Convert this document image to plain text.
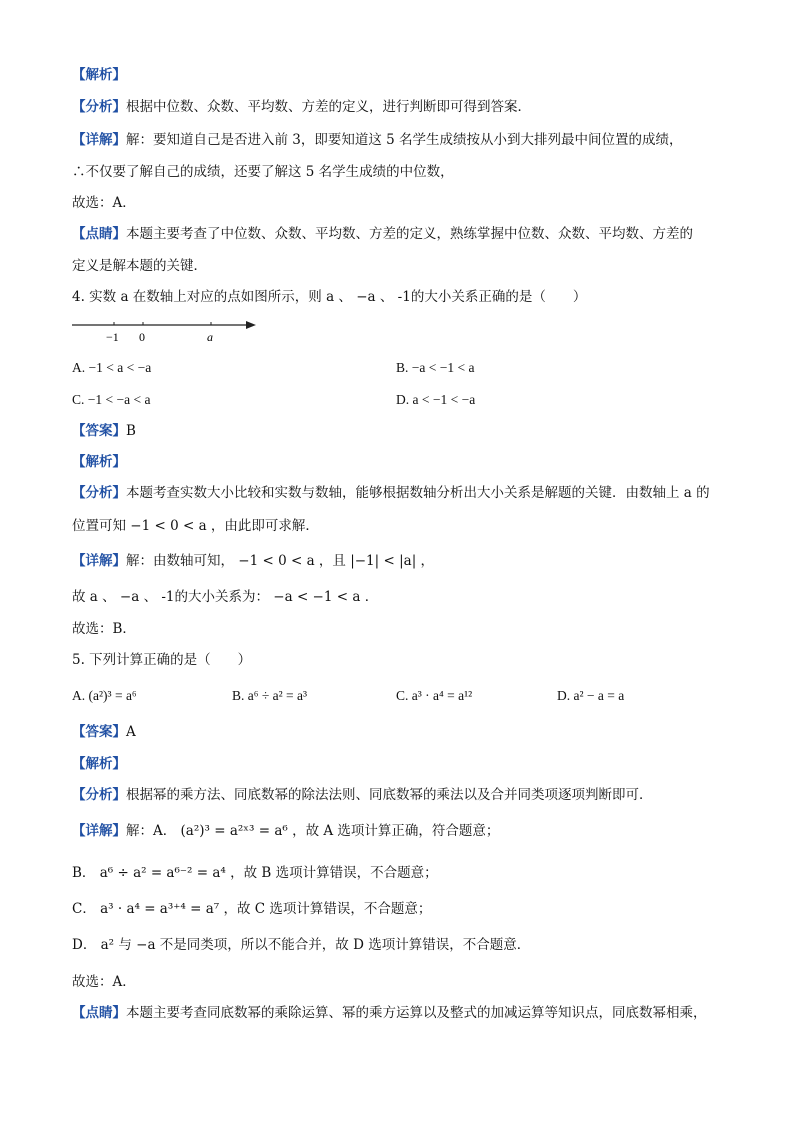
【解析】
【分析】根据中位数、众数、平均数、方差的定义，进行判断即可得到答案．
【详解】解：要知道自己是否进入前 3，即要知道这 5 名学生成绩按从小到大排列最中间位置的成绩，
∴不仅要了解自己的成绩，还要了解这 5 名学生成绩的中位数，
故选：A．
【点睛】本题主要考查了中位数、众数、平均数、方差的定义，熟练掌握中位数、众数、平均数、方差的
定义是解本题的关键．
4. 实数 a 在数轴上对应的点如图所示，则 a 、 −a 、 -1的大小关系正确的是（　　）
−1 0	a
A. −1 < a < −a	B. −a < −1 < a
C. −1 < −a < a	D. a < −1 < −a
【答案】B
【解析】
【分析】本题考查实数大小比较和实数与数轴，能够根据数轴分析出大小关系是解题的关键．由数轴上 a 的
位置可知 −1 < 0 < a ，由此即可求解．
【详解】解：由数轴可知， −1 < 0 < a ，且 |−1| < |a| ，
故 a 、 −a 、 -1的大小关系为： −a < −1 < a ．
故选：B．
5. 下列计算正确的是（　　）
A. (a²)³ = a⁶	B. a⁶ ÷ a² = a³	C. a³ · a⁴ = a¹²	D. a² − a = a
【答案】A
【解析】
【分析】根据幂的乘方法、同底数幂的除法法则、同底数幂的乘法以及合并同类项逐项判断即可．
【详解】解：A． (a²)³ = a²ˣ³ = a⁶ ，故 A 选项计算正确，符合题意；
B． a⁶ ÷ a² = a⁶⁻² = a⁴ ，故 B 选项计算错误，不合题意；
C． a³ · a⁴ = a³⁺⁴ = a⁷ ，故 C 选项计算错误，不合题意；
D． a² 与 −a 不是同类项，所以不能合并，故 D 选项计算错误，不合题意．
故选：A．
【点睛】本题主要考查同底数幂的乘除运算、幂的乘方运算以及整式的加减运算等知识点，同底数幂相乘，
